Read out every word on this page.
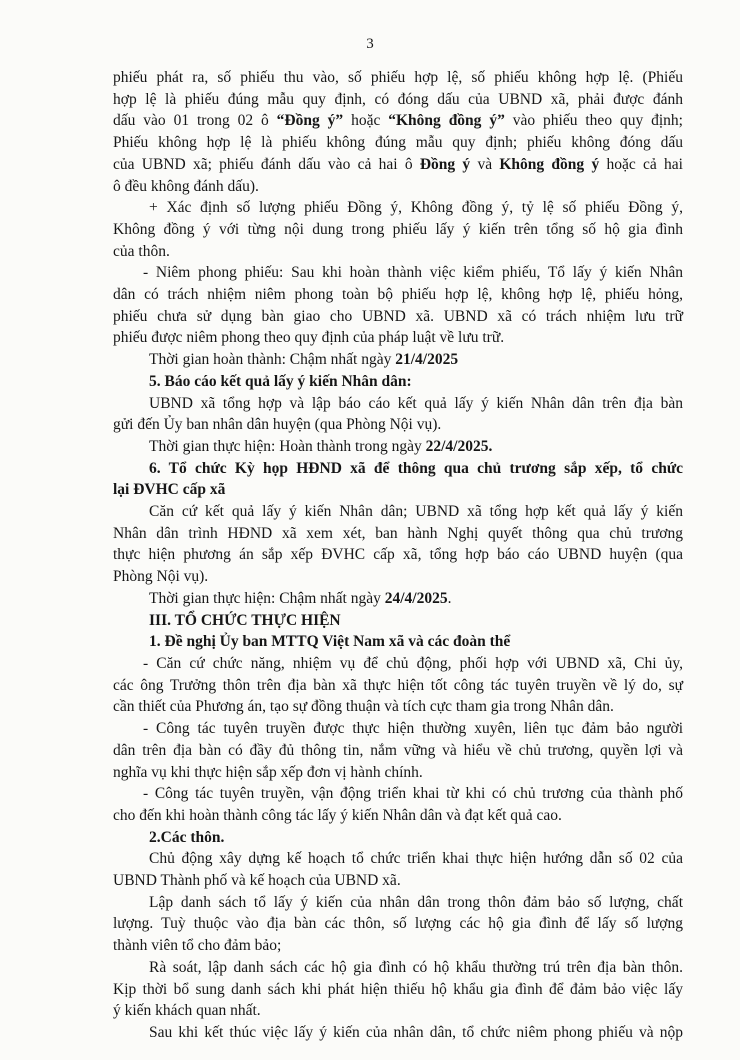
3
phiếu phát ra, số phiếu thu vào, số phiếu hợp lệ, số phiếu không hợp lệ. (Phiếu
hợp lệ là phiếu đúng mẫu quy định, có đóng dấu của UBND xã, phải được đánh
dấu vào 01 trong 02 ô “Đồng ý” hoặc “Không đồng ý” vào phiếu theo quy định;
Phiếu không hợp lệ là phiếu không đúng mẫu quy định; phiếu không đóng dấu
của UBND xã; phiếu đánh dấu vào cả hai ô Đồng ý và Không đồng ý hoặc cả hai
ô đều không đánh dấu).
+ Xác định số lượng phiếu Đồng ý, Không đồng ý, tỷ lệ số phiếu Đồng ý,
Không đồng ý với từng nội dung trong phiếu lấy ý kiến trên tổng số hộ gia đình
của thôn.
- Niêm phong phiếu: Sau khi hoàn thành việc kiểm phiếu, Tổ lấy ý kiến Nhân
dân có trách nhiệm niêm phong toàn bộ phiếu hợp lệ, không hợp lệ, phiếu hỏng,
phiếu chưa sử dụng bàn giao cho UBND xã. UBND xã có trách nhiệm lưu trữ
phiếu được niêm phong theo quy định của pháp luật về lưu trữ.
Thời gian hoàn thành: Chậm nhất ngày 21/4/2025
5. Báo cáo kết quả lấy ý kiến Nhân dân:
UBND xã tổng hợp và lập báo cáo kết quả lấy ý kiến Nhân dân trên địa bàn
gửi đến Ủy ban nhân dân huyện (qua Phòng Nội vụ).
Thời gian thực hiện: Hoàn thành trong ngày 22/4/2025.
6. Tổ chức Kỳ họp HĐND xã để thông qua chủ trương sắp xếp, tổ chức
lại ĐVHC cấp xã
Căn cứ kết quả lấy ý kiến Nhân dân; UBND xã tổng hợp kết quả lấy ý kiến
Nhân dân trình HĐND xã xem xét, ban hành Nghị quyết thông qua chủ trương
thực hiện phương án sắp xếp ĐVHC cấp xã, tổng hợp báo cáo UBND huyện (qua
Phòng Nội vụ).
Thời gian thực hiện: Chậm nhất ngày 24/4/2025.
III. TỔ CHỨC THỰC HIỆN
1. Đề nghị Ủy ban MTTQ Việt Nam xã và các đoàn thể
- Căn cứ chức năng, nhiệm vụ để chủ động, phối hợp với UBND xã, Chi ủy,
các ông Trưởng thôn trên địa bàn xã thực hiện tốt công tác tuyên truyền về lý do, sự
cần thiết của Phương án, tạo sự đồng thuận và tích cực tham gia trong Nhân dân.
- Công tác tuyên truyền được thực hiện thường xuyên, liên tục đảm bảo người
dân trên địa bàn có đầy đủ thông tin, nắm vững và hiểu về chủ trương, quyền lợi và
nghĩa vụ khi thực hiện sắp xếp đơn vị hành chính.
- Công tác tuyên truyền, vận động triển khai từ khi có chủ trương của thành phố
cho đến khi hoàn thành công tác lấy ý kiến Nhân dân và đạt kết quả cao.
2.Các thôn.
Chủ động xây dựng kế hoạch tổ chức triển khai thực hiện hướng dẫn số 02 của
UBND Thành phố và kế hoạch của UBND xã.
Lập danh sách tổ lấy ý kiến của nhân dân trong thôn đảm bảo số lượng, chất
lượng. Tuỳ thuộc vào địa bàn các thôn, số lượng các hộ gia đình để lấy số lượng
thành viên tổ cho đảm bảo;
Rà soát, lập danh sách các hộ gia đình có hộ khẩu thường trú trên địa bàn thôn.
Kịp thời bổ sung danh sách khi phát hiện thiếu hộ khẩu gia đình để đảm bảo việc lấy
ý kiến khách quan nhất.
Sau khi kết thúc việc lấy ý kiến của nhân dân, tổ chức niêm phong phiếu và nộp
